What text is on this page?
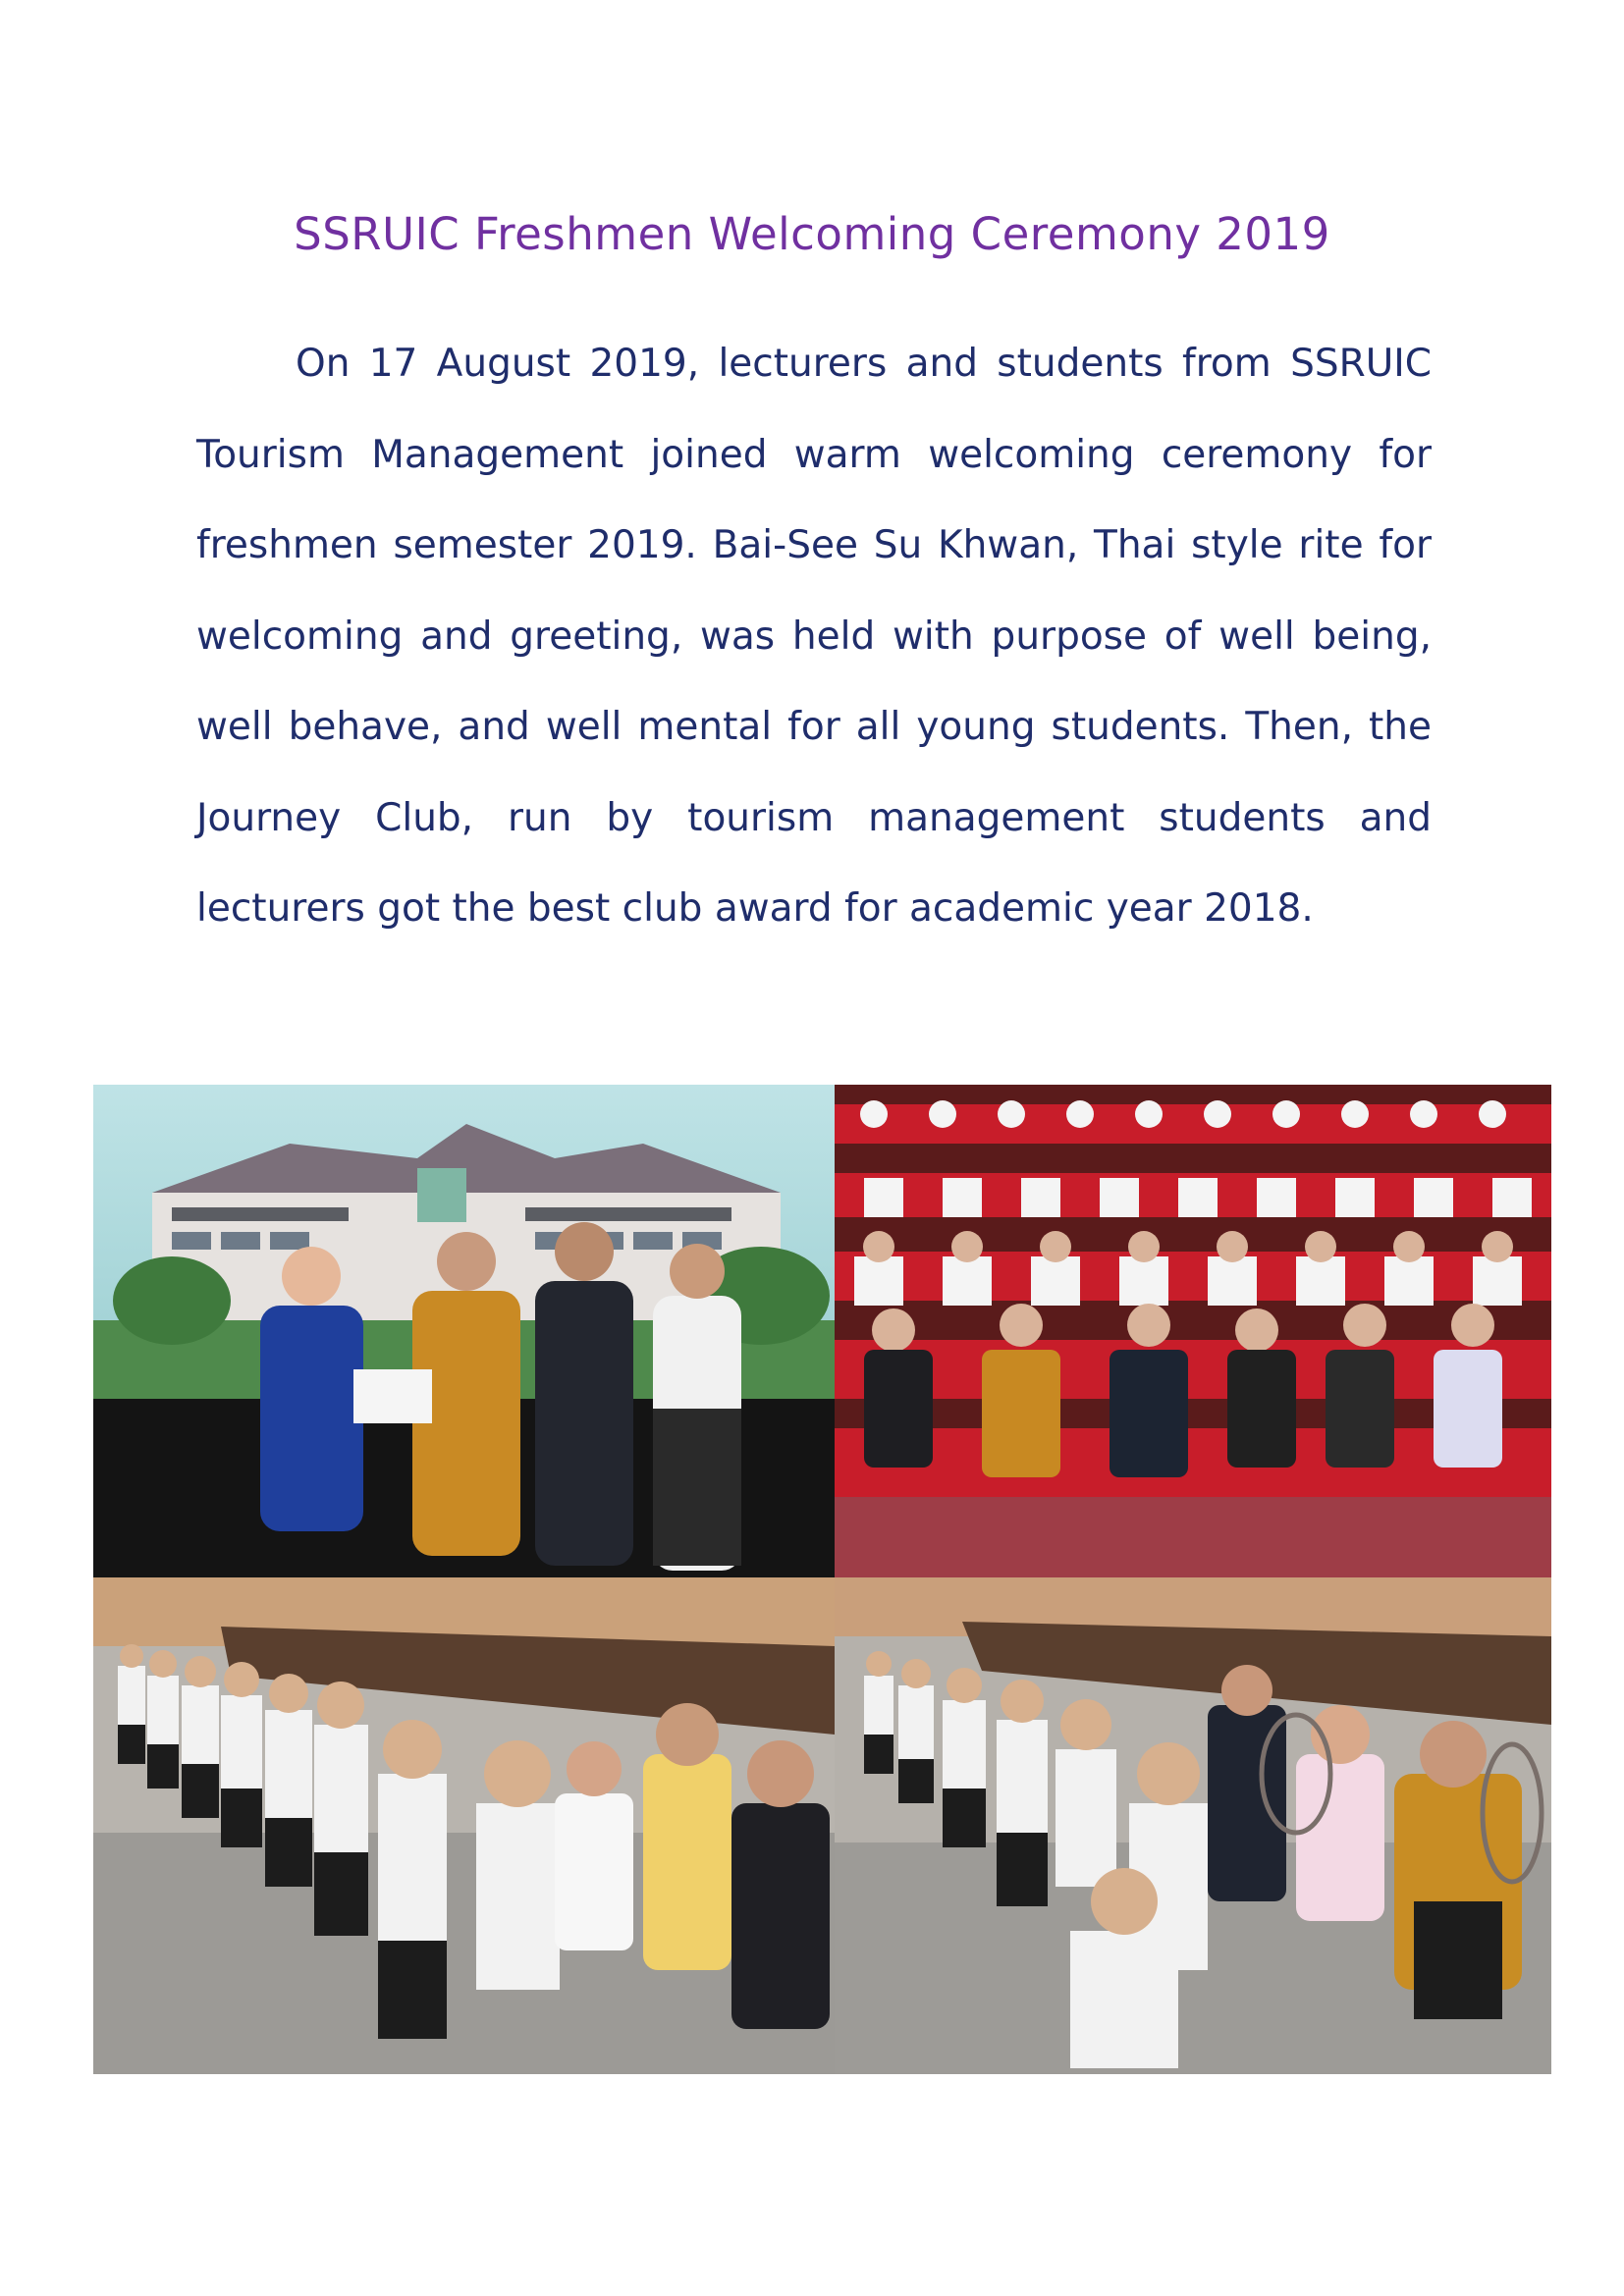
SSRUIC Freshmen Welcoming Ceremony 2019

On 17 August 2019, lecturers and students from SSRUIC Tourism Management joined warm welcoming ceremony for freshmen semester 2019. Bai-See Su Khwan, Thai style rite for welcoming and greeting, was held with purpose of well being, well behave, and well mental for all young students. Then, the Journey Club, run by tourism management students and lecturers got the best club award for academic year 2018.
